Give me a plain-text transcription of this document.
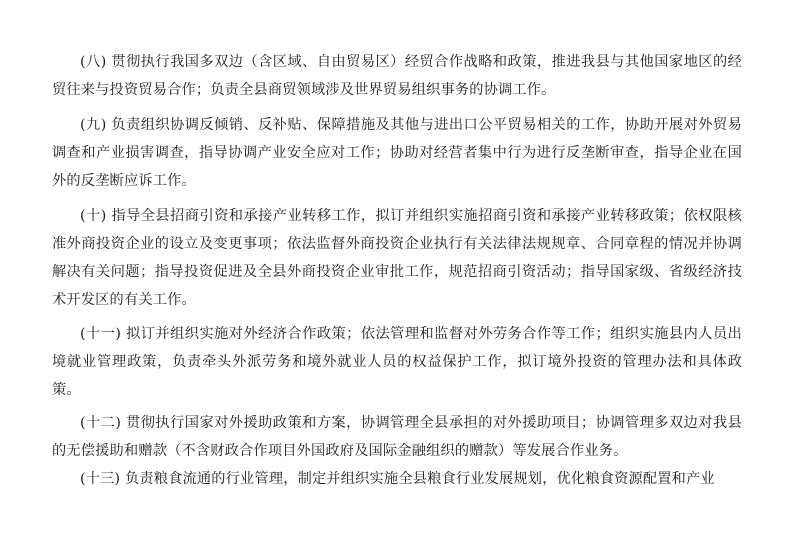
(八) 贯彻执行我国多双边（含区域、自由贸易区）经贸合作战略和政策，推进我县与其他国家地区的经贸往来与投资贸易合作；负责全县商贸领域涉及世界贸易组织事务的协调工作。

(九) 负责组织协调反倾销、反补贴、保障措施及其他与进出口公平贸易相关的工作，协助开展对外贸易调查和产业损害调查，指导协调产业安全应对工作；协助对经营者集中行为进行反垄断审查，指导企业在国外的反垄断应诉工作。

(十) 指导全县招商引资和承接产业转移工作，拟订并组织实施招商引资和承接产业转移政策；依权限核准外商投资企业的设立及变更事项；依法监督外商投资企业执行有关法律法规规章、合同章程的情况并协调解决有关问题；指导投资促进及全县外商投资企业审批工作，规范招商引资活动；指导国家级、省级经济技术开发区的有关工作。

(十一) 拟订并组织实施对外经济合作政策；依法管理和监督对外劳务合作等工作；组织实施县内人员出境就业管理政策，负责牵头外派劳务和境外就业人员的权益保护工作，拟订境外投资的管理办法和具体政策。

(十二) 贯彻执行国家对外援助政策和方案，协调管理全县承担的对外援助项目；协调管理多双边对我县的无偿援助和赠款（不含财政合作项目外国政府及国际金融组织的赠款）等发展合作业务。

(十三) 负责粮食流通的行业管理，制定并组织实施全县粮食行业发展规划，优化粮食资源配置和产业
